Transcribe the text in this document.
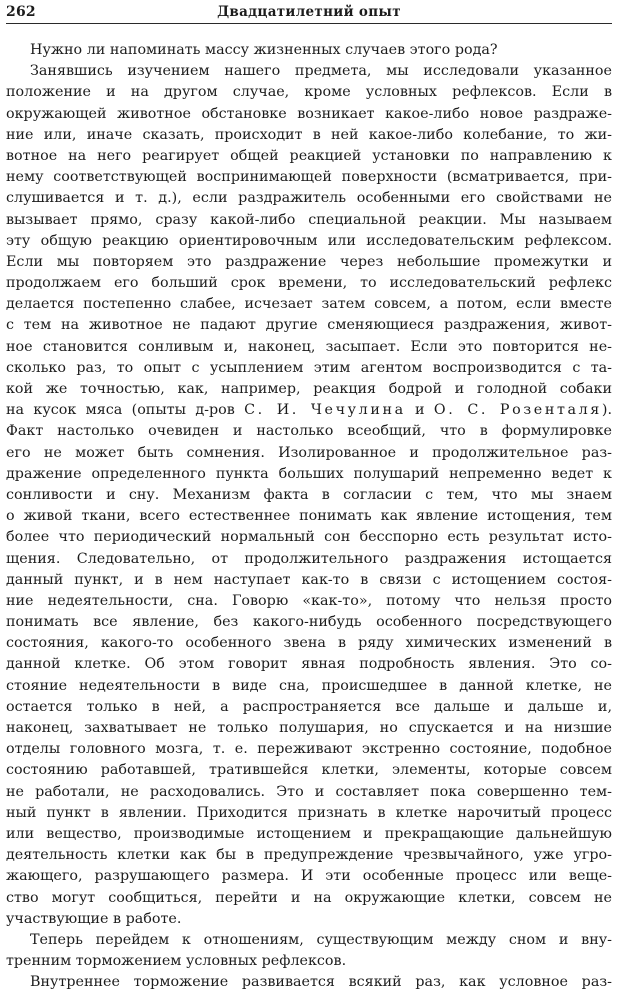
262	Двадцатилетний опыт
Нужно ли напоминать массу жизненных случаев этого рода?
Занявшись изучением нашего предмета, мы исследовали указанное
положение и на другом случае, кроме условных рефлексов. Если в
окружающей животное обстановке возникает какое-либо новое раздраже-
ние или, иначе сказать, происходит в ней какое-либо колебание, то жи-
вотное на него реагирует общей реакцией установки по направлению к
нему соответствующей воспринимающей поверхности (всматривается, при-
слушивается и т. д.), если раздражитель особенными его свойствами не
вызывает прямо, сразу какой-либо специальной реакции. Мы называем
эту общую реакцию ориентировочным или исследовательским рефлексом.
Если мы повторяем это раздражение через небольшие промежутки и
продолжаем его больший срок времени, то исследовательский рефлекс
делается постепенно слабее, исчезает затем совсем, а потом, если вместе
с тем на животное не падают другие сменяющиеся раздражения, живот-
ное становится сонливым и, наконец, засыпает. Если это повторится не-
сколько раз, то опыт с усыплением этим агентом воспроизводится с та-
кой же точностью, как, например, реакция бодрой и голодной собаки
на кусок мяса (опыты д-ров С. И. Чечулина и О. С. Розенталя).
Факт настолько очевиден и настолько всеобщий, что в формулировке
его не может быть сомнения. Изолированное и продолжительное раз-
дражение определенного пункта больших полушарий непременно ведет к
сонливости и сну. Механизм факта в согласии с тем, что мы знаем
о живой ткани, всего естественнее понимать как явление истощения, тем
более что периодический нормальный сон бесспорно есть результат исто-
щения. Следовательно, от продолжительного раздражения истощается
данный пункт, и в нем наступает как-то в связи с истощением состоя-
ние недеятельности, сна. Говорю «как-то», потому что нельзя просто
понимать все явление, без какого-нибудь особенного посредствующего
состояния, какого-то особенного звена в ряду химических изменений в
данной клетке. Об этом говорит явная подробность явления. Это со-
стояние недеятельности в виде сна, происшедшее в данной клетке, не
остается только в ней, а распространяется все дальше и дальше и,
наконец, захватывает не только полушария, но спускается и на низшие
отделы головного мозга, т. е. переживают экстренно состояние, подобное
состоянию работавшей, тратившейся клетки, элементы, которые совсем
не работали, не расходовались. Это и составляет пока совершенно тем-
ный пункт в явлении. Приходится признать в клетке нарочитый процесс
или вещество, производимые истощением и прекращающие дальнейшую
деятельность клетки как бы в предупреждение чрезвычайного, уже угро-
жающего, разрушающего размера. И эти особенные процесс или веще-
ство могут сообщиться, перейти и на окружающие клетки, совсем не
участвующие в работе.
Теперь перейдем к отношениям, существующим между сном и вну-
тренним торможением условных рефлексов.
Внутреннее торможение развивается всякий раз, как условное раз-
